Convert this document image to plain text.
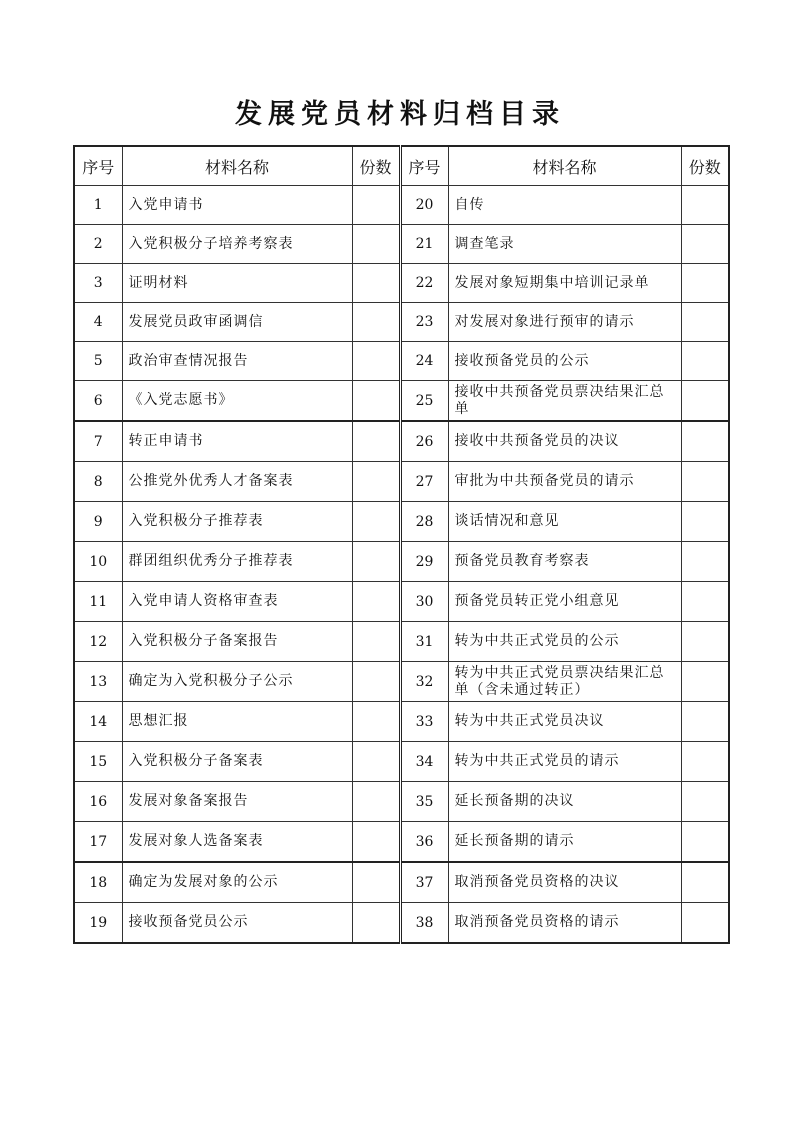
发展党员材料归档目录
序号	材料名称	份数	序号	材料名称	份数
1	入党申请书		20	自传	
2	入党积极分子培养考察表		21	调查笔录	
3	证明材料		22	发展对象短期集中培训记录单	
4	发展党员政审函调信		23	对发展对象进行预审的请示	
5	政治审查情况报告		24	接收预备党员的公示	
6	《入党志愿书》		25	接收中共预备党员票决结果汇总单	
7	转正申请书		26	接收中共预备党员的决议	
8	公推党外优秀人才备案表		27	审批为中共预备党员的请示	
9	入党积极分子推荐表		28	谈话情况和意见	
10	群团组织优秀分子推荐表		29	预备党员教育考察表	
11	入党申请人资格审查表		30	预备党员转正党小组意见	
12	入党积极分子备案报告		31	转为中共正式党员的公示	
13	确定为入党积极分子公示		32	转为中共正式党员票决结果汇总单（含未通过转正）	
14	思想汇报		33	转为中共正式党员决议	
15	入党积极分子备案表		34	转为中共正式党员的请示	
16	发展对象备案报告		35	延长预备期的决议	
17	发展对象人选备案表		36	延长预备期的请示	
18	确定为发展对象的公示		37	取消预备党员资格的决议	
19	接收预备党员公示		38	取消预备党员资格的请示	
